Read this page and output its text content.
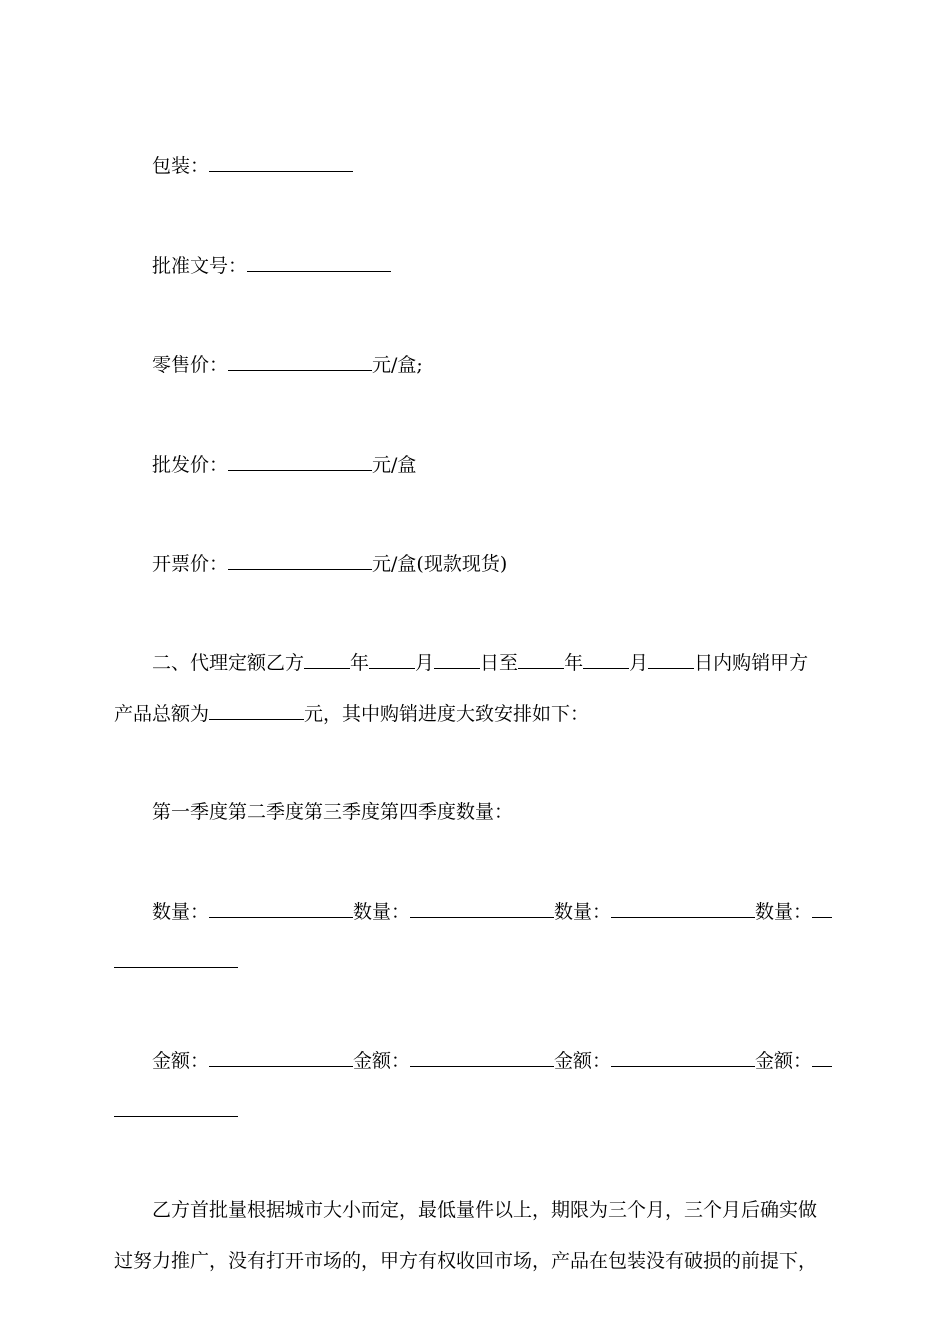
包装：
批准文号：
零售价：	元/盒;
批发价：	元/盒
开票价：	元/盒(现款现货)
二、代理定额乙方 年 月 日至 年 月 日内购销甲方
产品总额为	元，其中购销进度大致安排如下：
第一季度第二季度第三季度第四季度数量：
数量：	数量：	数量：	数量：
金额：	金额：	金额：	金额：
乙方首批量根据城市大小而定，最低量件以上，期限为三个月，三个月后确实做
过努力推广，没有打开市场的，甲方有权收回市场，产品在包装没有破损的前提下，
